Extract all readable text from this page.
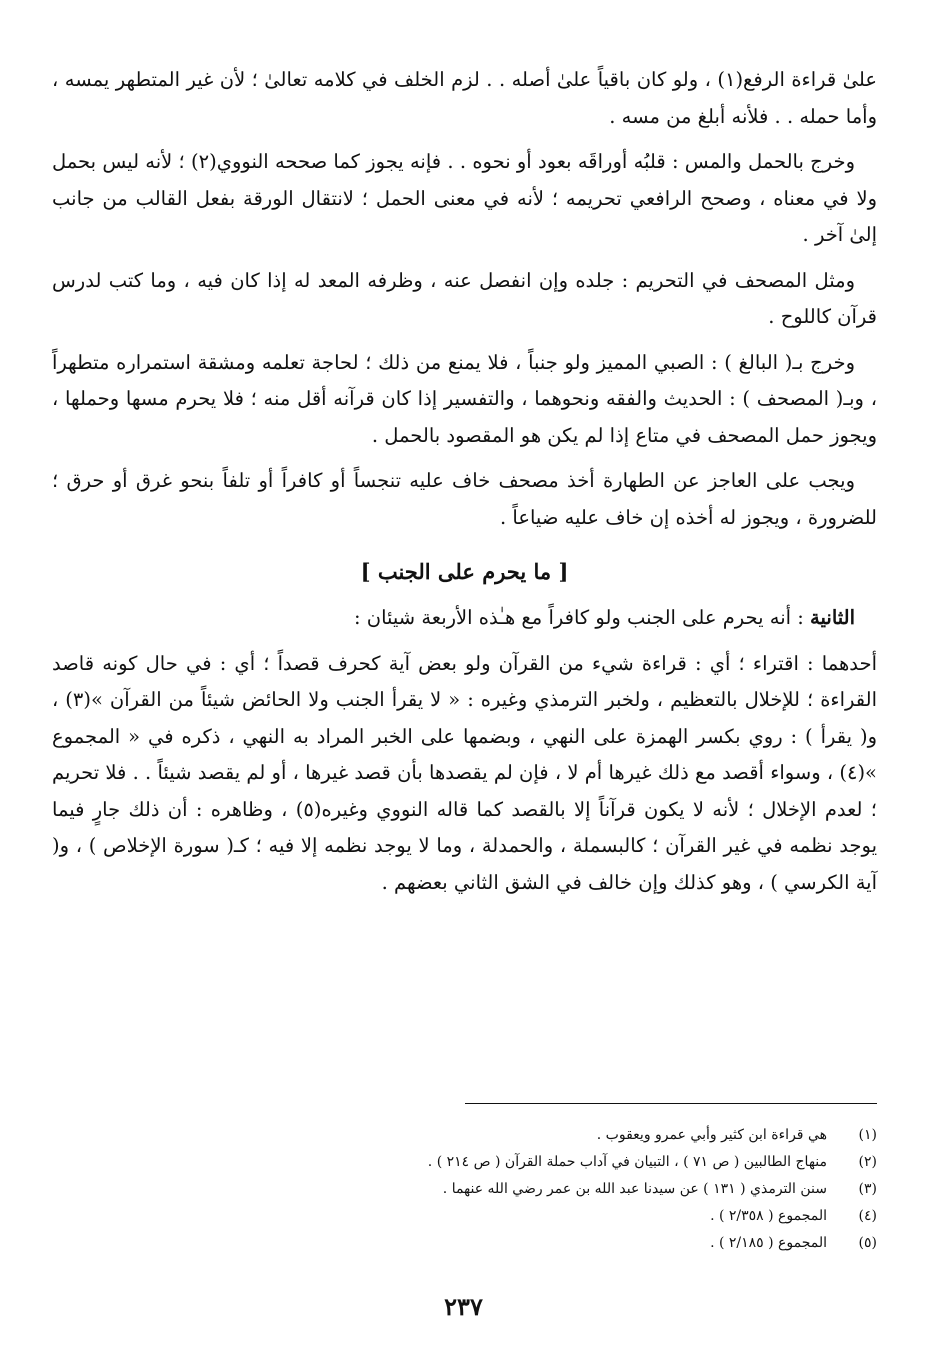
علىٰ قراءة الرفع(١) ، ولو كان باقياً علىٰ أصله . . لزم الخلف في كلامه تعالىٰ ؛ لأن غير المتطهر يمسه ، وأما حمله . . فلأنه أبلغ من مسه .

وخرج بالحمل والمس : قلبُه أوراقَه بعود أو نحوه . . فإنه يجوز كما صححه النووي(٢) ؛ لأنه ليس بحمل ولا في معناه ، وصحح الرافعي تحريمه ؛ لأنه في معنى الحمل ؛ لانتقال الورقة بفعل القالب من جانب إلىٰ آخر .

ومثل المصحف في التحريم : جلده وإن انفصل عنه ، وظرفه المعد له إذا كان فيه ، وما كتب لدرس قرآن كاللوح .

وخرج بـ( البالغ ) : الصبي المميز ولو جنباً ، فلا يمنع من ذلك ؛ لحاجة تعلمه ومشقة استمراره متطهراً ، وبـ( المصحف ) : الحديث والفقه ونحوهما ، والتفسير إذا كان قرآنه أقل منه ؛ فلا يحرم مسها وحملها ، ويجوز حمل المصحف في متاع إذا لم يكن هو المقصود بالحمل .

ويجب على العاجز عن الطهارة أخذ مصحف خاف عليه تنجساً أو كافراً أو تلفاً بنحو غرق أو حرق ؛ للضرورة ، ويجوز له أخذه إن خاف عليه ضياعاً .

[ ما يحرم على الجنب ]

الثانية : أنه يحرم على الجنب ولو كافراً مع هـٰذه الأربعة شيئان :

أحدهما : اقتراء ؛ أي : قراءة شيء من القرآن ولو بعض آية كحرف قصداً ؛ أي : في حال كونه قاصد القراءة ؛ للإخلال بالتعظيم ، ولخبر الترمذي وغيره : « لا يقرأ الجنب ولا الحائض شيئاً من القرآن »(٣) ، و( يقرأ ) : روي بكسر الهمزة على النهي ، وبضمها على الخبر المراد به النهي ، ذكره في « المجموع »(٤) ، وسواء أقصد مع ذلك غيرها أم لا ، فإن لم يقصدها بأن قصد غيرها ، أو لم يقصد شيئاً . . فلا تحريم ؛ لعدم الإخلال ؛ لأنه لا يكون قرآناً إلا بالقصد كما قاله النووي وغيره(٥) ، وظاهره : أن ذلك جارٍ فيما يوجد نظمه في غير القرآن ؛ كالبسملة ، والحمدلة ، وما لا يوجد نظمه إلا فيه ؛ كـ( سورة الإخلاص ) ، و( آية الكرسي ) ، وهو كذلك وإن خالف في الشق الثاني بعضهم .

(١)
هي قراءة ابن كثير وأبي عمرو ويعقوب .
(٢)
منهاج الطالبين ( ص ٧١ ) ، التبيان في آداب حملة القرآن ( ص ٢١٤ ) .
(٣)
سنن الترمذي ( ١٣١ ) عن سيدنا عبد الله بن عمر رضي الله عنهما .
(٤)
المجموع ( ٢/٣٥٨ ) .
(٥)
المجموع ( ٢/١٨٥ ) .
٢٣٧
